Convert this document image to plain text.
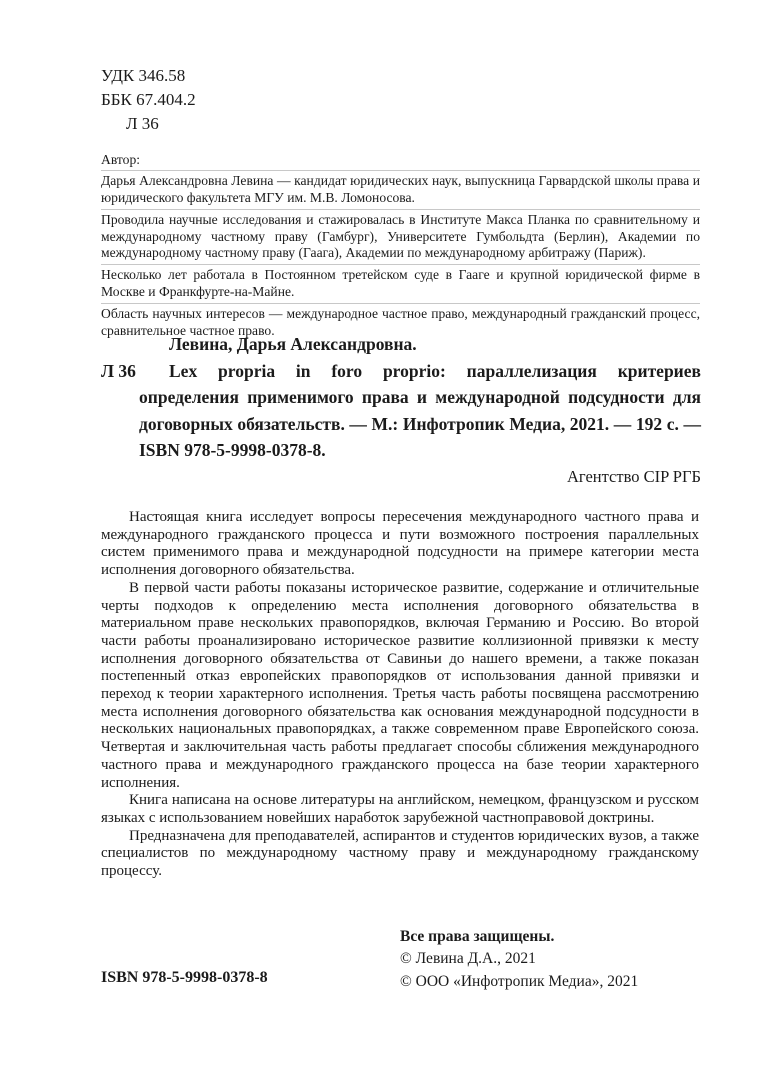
УДК 346.58
ББК 67.404.2
Л 36
Автор:

Дарья Александровна Левина — кандидат юридических наук, выпускница Гарвардской школы права и юридического факультета МГУ им. М.В. Ломоносова.

Проводила научные исследования и стажировалась в Институте Макса Планка по сравнительному и международному частному праву (Гамбург), Университете Гумбольдта (Берлин), Академии по международному частному праву (Гаага), Академии по международному арбитражу (Париж).

Несколько лет работала в Постоянном третейском суде в Гааге и крупной юридической фирме в Москве и Франкфурте-на-Майне.

Область научных интересов — международное частное право, международный гражданский процесс, сравнительное частное право.

Л 36

Левина, Дарья Александровна.

Lex propria in foro proprio: параллелизация критериев определения применимого права и международной подсудности для договорных обязательств. — М.: Инфотропик Медиа, 2021. — 192 с. — ISBN 978-5-9998-0378-8.

Агентство CIP РГБ

Настоящая книга исследует вопросы пересечения международного частного права и международного гражданского процесса и пути возможного построения параллельных систем применимого права и международной подсудности на примере категории места исполнения договорного обязательства.

В первой части работы показаны историческое развитие, содержание и отличительные черты подходов к определению места исполнения договорного обязательства в материальном праве нескольких правопорядков, включая Германию и Россию. Во второй части работы проанализировано историческое развитие коллизионной привязки к месту исполнения договорного обязательства от Савиньи до нашего времени, а также показан постепенный отказ европейских правопорядков от использования данной привязки и переход к теории характерного исполнения. Третья часть работы посвящена рассмотрению места исполнения договорного обязательства как основания международной подсудности в нескольких национальных правопорядках, а также современном праве Европейского союза. Четвертая и заключительная часть работы предлагает способы сближения международного частного права и международного гражданского процесса на базе теории характерного исполнения.

Книга написана на основе литературы на английском, немецком, французском и русском языках с использованием новейших наработок зарубежной частноправовой доктрины.

Предназначена для преподавателей, аспирантов и студентов юридических вузов, а также специалистов по международному частному праву и международному гражданскому процессу.

Все права защищены.
© Левина Д.А., 2021
© ООО «Инфотропик Медиа», 2021
ISBN 978-5-9998-0378-8
